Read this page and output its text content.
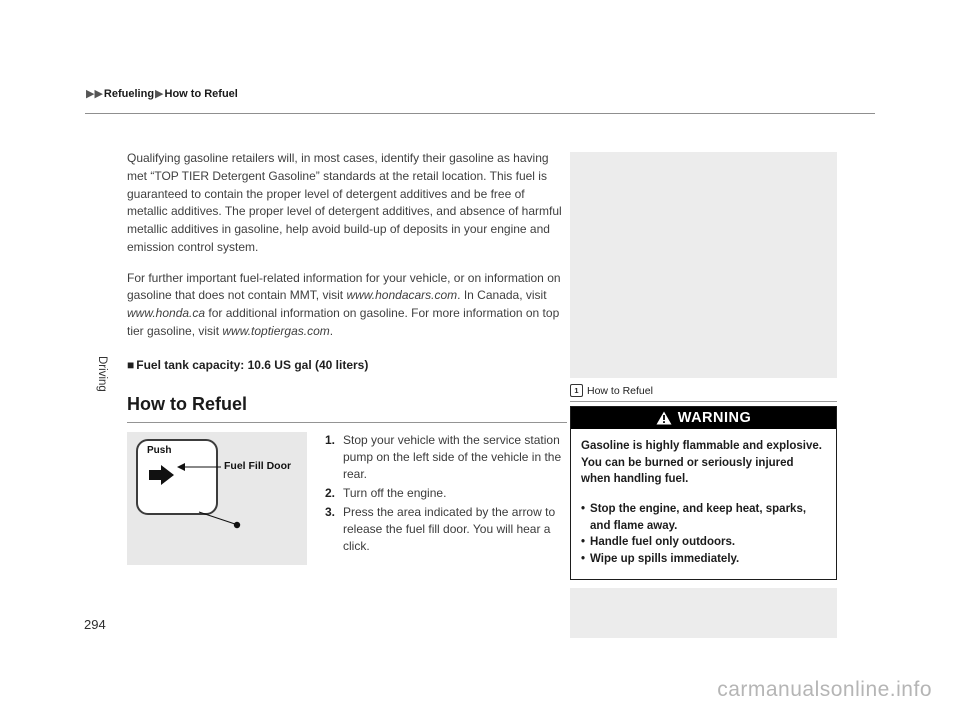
▶▶Refueling▶How to Refuel
Driving

Qualifying gasoline retailers will, in most cases, identify their gasoline as having met “TOP TIER Detergent Gasoline” standards at the retail location. This fuel is guaranteed to contain the proper level of detergent additives and be free of metallic additives. The proper level of detergent additives, and absence of harmful metallic additives in gasoline, help avoid build-up of deposits in your engine and emission control system.

For further important fuel-related information for your vehicle, or on information on gasoline that does not contain MMT, visit www.hondacars.com. In Canada, visit www.honda.ca for additional information on gasoline. For more information on top tier gasoline, visit www.toptiergas.com.

■ Fuel tank capacity: 10.6 US gal (40 liters)
How to Refuel
Push
Fuel Fill Door
1. Stop your vehicle with the service station pump on the left side of the vehicle in the rear.
2. Turn off the engine.
3. Press the area indicated by the arrow to release the fuel fill door. You will hear a click.
1 How to Refuel
WARNING
Gasoline is highly flammable and explosive. You can be burned or seriously injured when handling fuel.
• Stop the engine, and keep heat, sparks, and flame away.
• Handle fuel only outdoors.
• Wipe up spills immediately.
294
carmanualsonline.info
